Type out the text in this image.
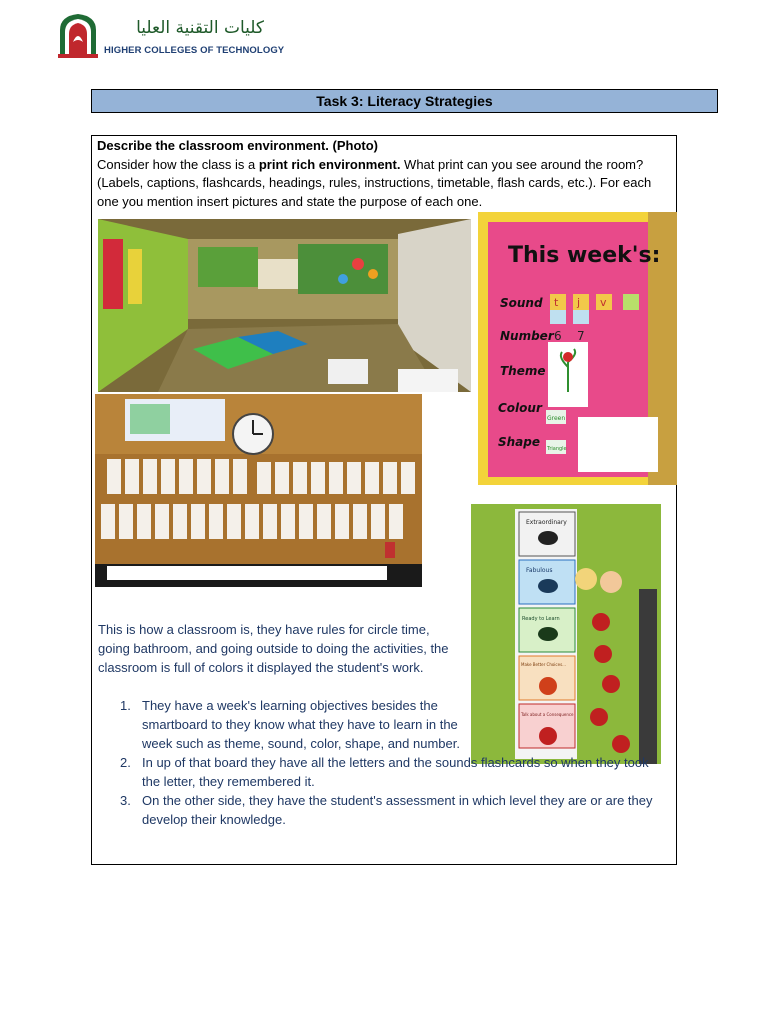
كليات التقنية العليا
HIGHER COLLEGES OF TECHNOLOGY
Task 3: Literacy Strategies
Describe the classroom environment. (Photo)
Consider how the class is a print rich environment. What print can you see around the room?
(Labels, captions, flashcards, headings, rules, instructions, timetable, flash cards, etc.). For each one you mention insert pictures and state the purpose of each one.
This week's:
Sound
Number
Theme
Colour
Shape
t j v
6 7
Green
Triangle
Extraordinary
Fabulous
Ready to Learn
Make Better Choices...
Talk about a Consequence
This is how a classroom is, they have rules for circle time, going bathroom, and going outside to doing the activities, the classroom is full of colors it displayed the student's work.
1. They have a week's learning objectives besides the smartboard to they know what they have to learn in the week such as theme, sound, color, shape, and number.
2. In up of that board they have all the letters and the sounds flashcards so when they took the letter, they remembered it.
3. On the other side, they have the student's assessment in which level they are or are they develop their knowledge.
